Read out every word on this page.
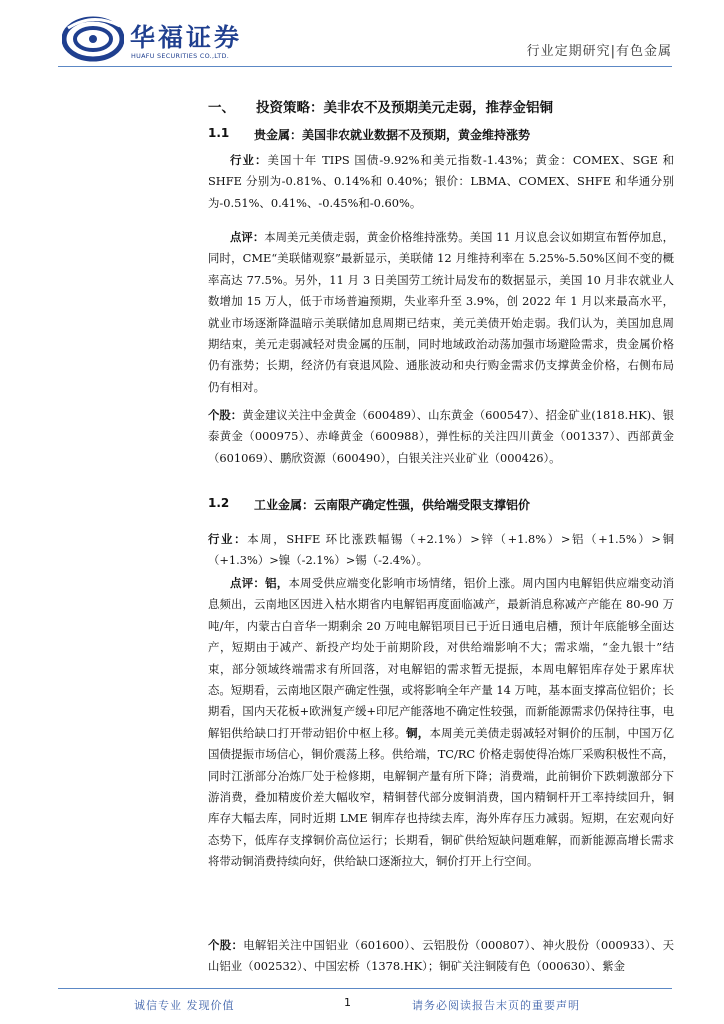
华福证券
HUAFU SECURITIES CO.,LTD.	行业定期研究|有色金属
一、 投资策略：美非农不及预期美元走弱，推荐金铝铜
1.1 贵金属：美国非农就业数据不及预期，黄金维持涨势

行业：美国十年 TIPS 国债-9.92%和美元指数-1.43%；黄金：COMEX、SGE 和 SHFE 分别为-0.81%、0.14%和 0.40%；银价：LBMA、COMEX、SHFE 和华通分别为-0.51%、0.41%、-0.45%和-0.60%。

点评：本周美元美债走弱，黄金价格维持涨势。美国 11 月议息会议如期宣布暂停加息，同时，CME“美联储观察”最新显示，美联储 12 月维持利率在 5.25%-5.50%区间不变的概率高达 77.5%。另外，11 月 3 日美国劳工统计局发布的数据显示，美国 10 月非农就业人数增加 15 万人，低于市场普遍预期，失业率升至 3.9%，创 2022 年 1 月以来最高水平，就业市场逐渐降温暗示美联储加息周期已结束，美元美债开始走弱。我们认为，美国加息周期结束，美元走弱减轻对贵金属的压制，同时地域政治动荡加强市场避险需求，贵金属价格仍有涨势；长期，经济仍有衰退风险、通胀波动和央行购金需求仍支撑黄金价格，右侧布局仍有相对。

个股：黄金建议关注中金黄金（600489）、山东黄金（600547）、招金矿业(1818.HK)、银泰黄金（000975）、赤峰黄金（600988），弹性标的关注四川黄金（001337）、西部黄金（601069）、鹏欣资源（600490），白银关注兴业矿业（000426）。

1.2 工业金属：云南限产确定性强，供给端受限支撑铝价

行业：本周，SHFE 环比涨跌幅锡（+2.1%）>锌（+1.8%）>铝（+1.5%）>铜（+1.3%）>镍（-2.1%）>锡（-2.4%）。

点评：铝，本周受供应端变化影响市场情绪，铝价上涨。周内国内电解铝供应端变动消息频出，云南地区因进入枯水期省内电解铝再度面临减产，最新消息称减产产能在 80-90 万吨/年，内蒙古白音华一期剩余 20 万吨电解铝项目已于近日通电启槽，预计年底能够全面达产，短期由于减产、新投产均处于前期阶段，对供给端影响不大；需求端，“金九银十”结束，部分领域终端需求有所回落，对电解铝的需求暂无提振，本周电解铝库存处于累库状态。短期看，云南地区限产确定性强，或将影响全年产量 14 万吨，基本面支撑高位铝价；长期看，国内天花板+欧洲复产缓+印尼产能落地不确定性较强，而新能源需求仍保持往事，电解铝供给缺口打开带动铝价中枢上移。铜，本周美元美债走弱减轻对铜价的压制，中国万亿国债提振市场信心，铜价震荡上移。供给端，TC/RC 价格走弱使得冶炼厂采购积极性不高，同时江浙部分冶炼厂处于检修期，电解铜产量有所下降；消费端，此前铜价下跌刺激部分下游消费，叠加精废价差大幅收窄，精铜替代部分废铜消费，国内精铜杆开工率持续回升，铜库存大幅去库，同时近期 LME 铜库存也持续去库，海外库存压力减弱。短期，在宏观向好态势下，低库存支撑铜价高位运行；长期看，铜矿供给短缺问题难解，而新能源高增长需求将带动铜消费持续向好，供给缺口逐渐拉大，铜价打开上行空间。

个股：电解铝关注中国铝业（601600）、云铝股份（000807）、神火股份（000933）、天山铝业（002532）、中国宏桥（1378.HK）；铜矿关注铜陵有色（000630）、紫金

诚信专业 发现价值	1	请务必阅读报告末页的重要声明
